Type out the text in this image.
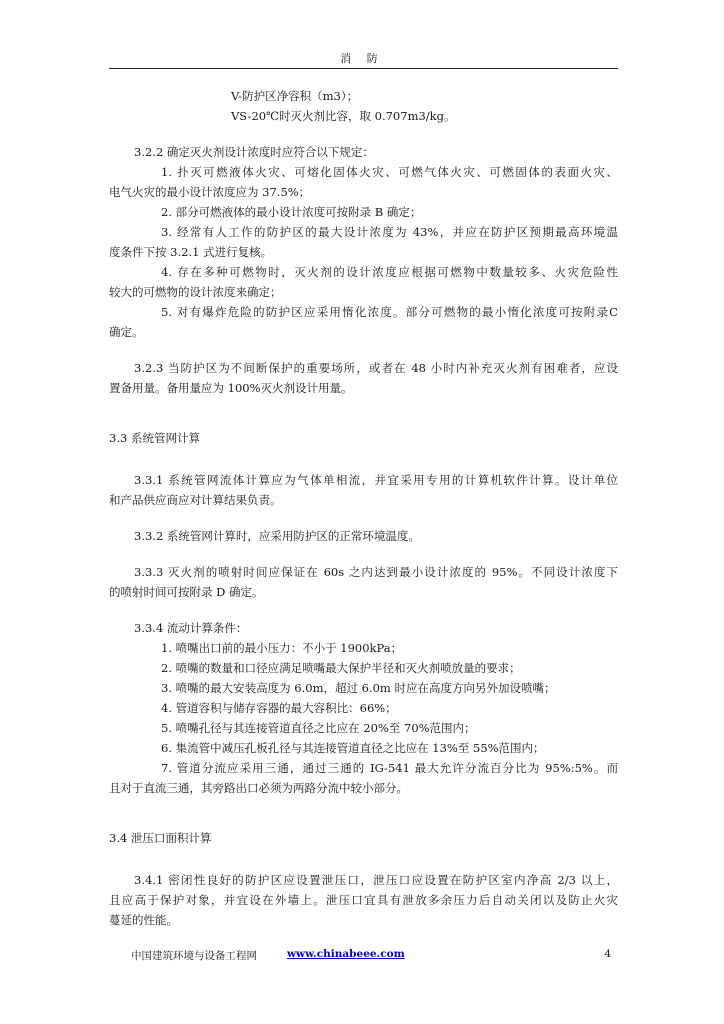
消 防
V-防护区净容积（m3）；
VS-20℃时灭火剂比容，取 0.707m3/kg。
3.2.2 确定灭火剂设计浓度时应符合以下规定：
1. 扑灭可燃液体火灾、可熔化固体火灾、可燃气体火灾、可燃固体的表面火灾、
电气火灾的最小设计浓度应为 37.5%；
2. 部分可燃液体的最小设计浓度可按附录 B 确定；
3. 经常有人工作的防护区的最大设计浓度为 43%，并应在防护区预期最高环境温
度条件下按 3.2.1 式进行复核。
4. 存在多种可燃物时，灭火剂的设计浓度应根据可燃物中数量较多、火灾危险性
较大的可燃物的设计浓度来确定；
5. 对有爆炸危险的防护区应采用惰化浓度。部分可燃物的最小惰化浓度可按附录C
确定。
3.2.3 当防护区为不间断保护的重要场所，或者在 48 小时内补充灭火剂有困难者，应设
置备用量。备用量应为 100%灭火剂设计用量。
3.3 系统管网计算
3.3.1 系统管网流体计算应为气体单相流，并宜采用专用的计算机软件计算。设计单位
和产品供应商应对计算结果负责。
3.3.2 系统管网计算时，应采用防护区的正常环境温度。
3.3.3 灭火剂的喷射时间应保证在 60s 之内达到最小设计浓度的 95%。不同设计浓度下
的喷射时间可按附录 D 确定。
3.3.4 流动计算条件：
1. 喷嘴出口前的最小压力：不小于 1900kPa；
2. 喷嘴的数量和口径应满足喷嘴最大保护半径和灭火剂喷放量的要求；
3. 喷嘴的最大安装高度为 6.0m，超过 6.0m 时应在高度方向另外加设喷嘴；
4. 管道容积与储存容器的最大容积比：66%；
5. 喷嘴孔径与其连接管道直径之比应在 20%至 70%范围内；
6. 集流管中减压孔板孔径与其连接管道直径之比应在 13%至 55%范围内；
7. 管道分流应采用三通，通过三通的 IG-541 最大允许分流百分比为 95%:5%。而
且对于直流三通，其旁路出口必须为两路分流中较小部分。
3.4 泄压口面积计算
3.4.1 密闭性良好的防护区应设置泄压口，泄压口应设置在防护区室内净高 2/3 以上，
且应高于保护对象，并宜设在外墙上。泄压口宜具有泄放多余压力后自动关闭以及防止火灾
蔓延的性能。
中国建筑环境与设备工程网	www.chinabeee.com	4
